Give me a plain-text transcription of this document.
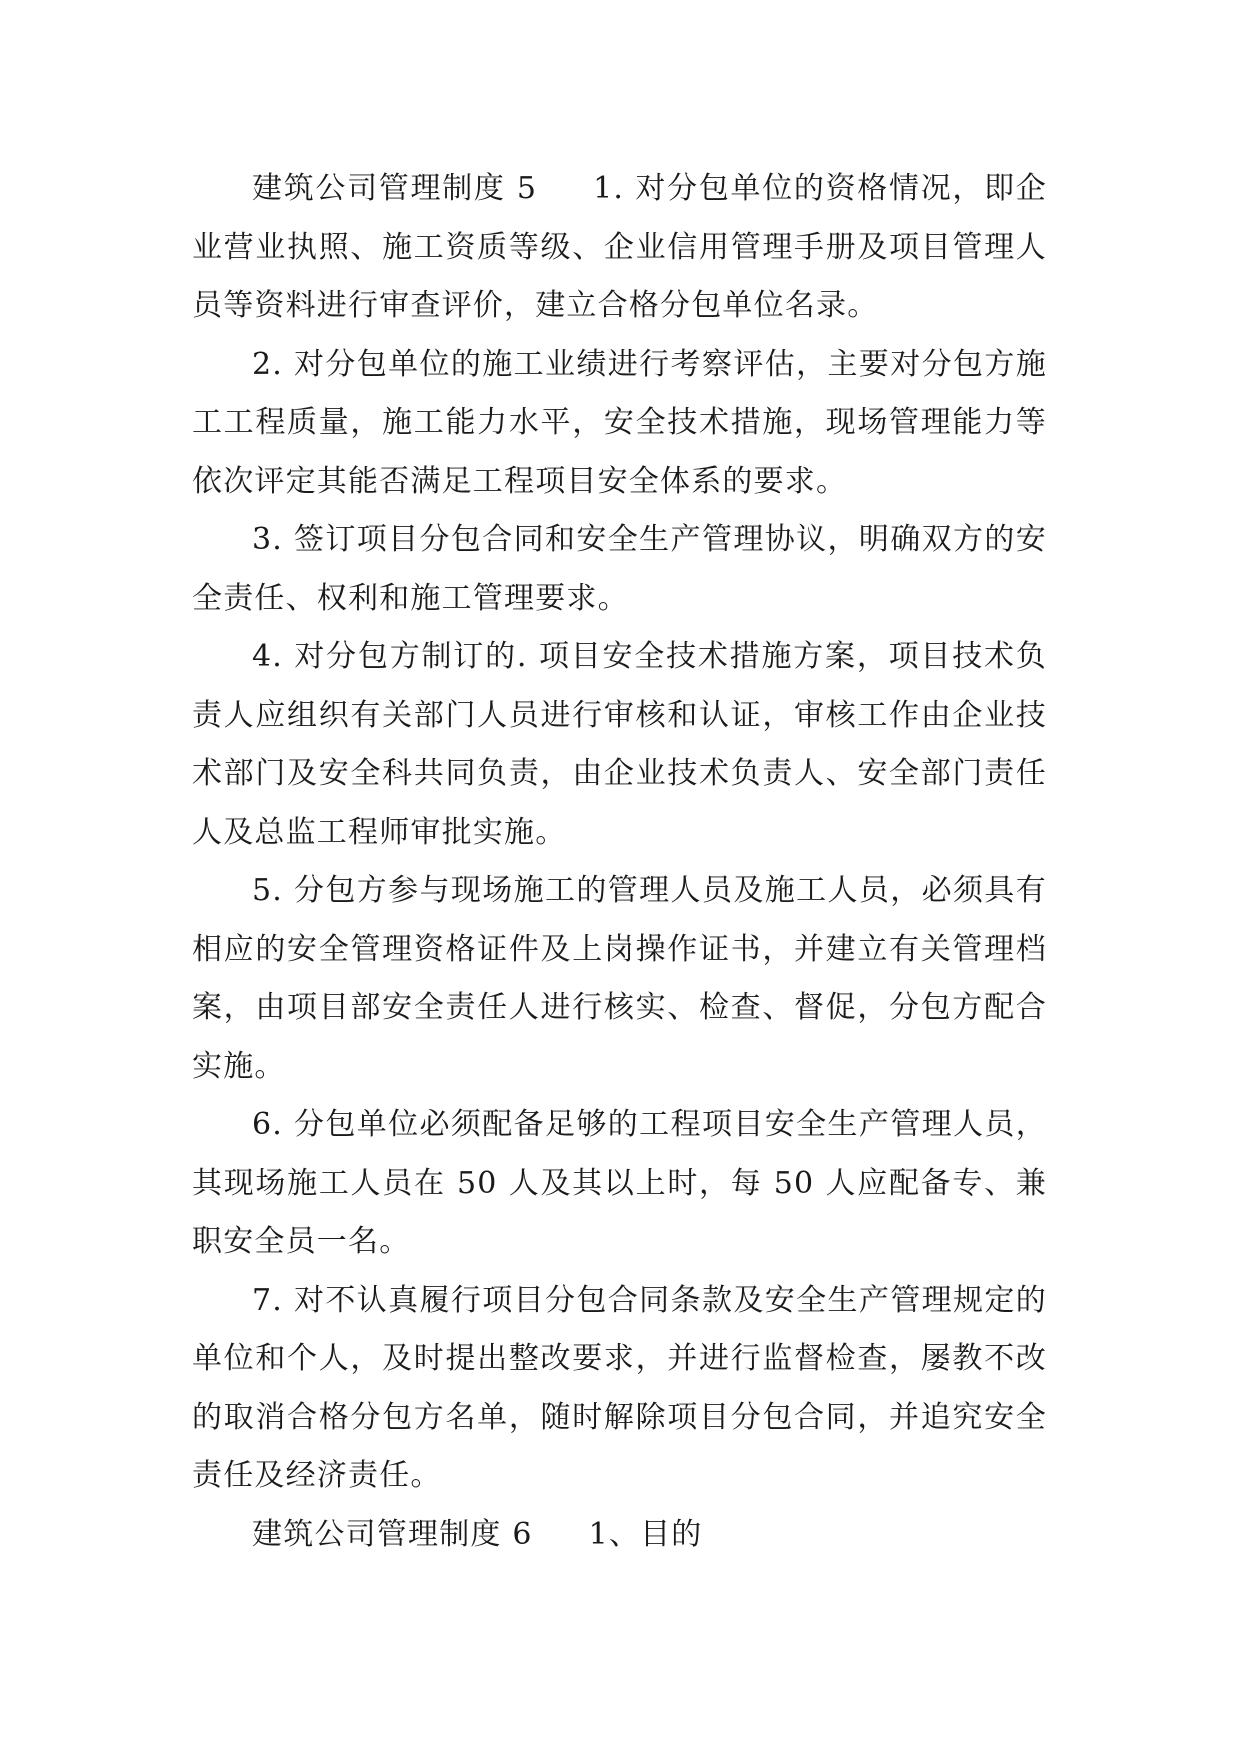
建筑公司管理制度 5 1. 对分包单位的资格情况，即企业营业执照、施工资质等级、企业信用管理手册及项目管理人员等资料进行审查评价，建立合格分包单位名录。

2. 对分包单位的施工业绩进行考察评估，主要对分包方施工工程质量，施工能力水平，安全技术措施，现场管理能力等依次评定其能否满足工程项目安全体系的要求。

3. 签订项目分包合同和安全生产管理协议，明确双方的安全责任、权利和施工管理要求。

4. 对分包方制订的. 项目安全技术措施方案，项目技术负责人应组织有关部门人员进行审核和认证，审核工作由企业技术部门及安全科共同负责，由企业技术负责人、安全部门责任人及总监工程师审批实施。

5. 分包方参与现场施工的管理人员及施工人员，必须具有相应的安全管理资格证件及上岗操作证书，并建立有关管理档案，由项目部安全责任人进行核实、检查、督促，分包方配合实施。

6. 分包单位必须配备足够的工程项目安全生产管理人员，其现场施工人员在 50 人及其以上时，每 50 人应配备专、兼职安全员一名。

7. 对不认真履行项目分包合同条款及安全生产管理规定的单位和个人，及时提出整改要求，并进行监督检查，屡教不改的取消合格分包方名单，随时解除项目分包合同，并追究安全责任及经济责任。

建筑公司管理制度 6 1、目的
